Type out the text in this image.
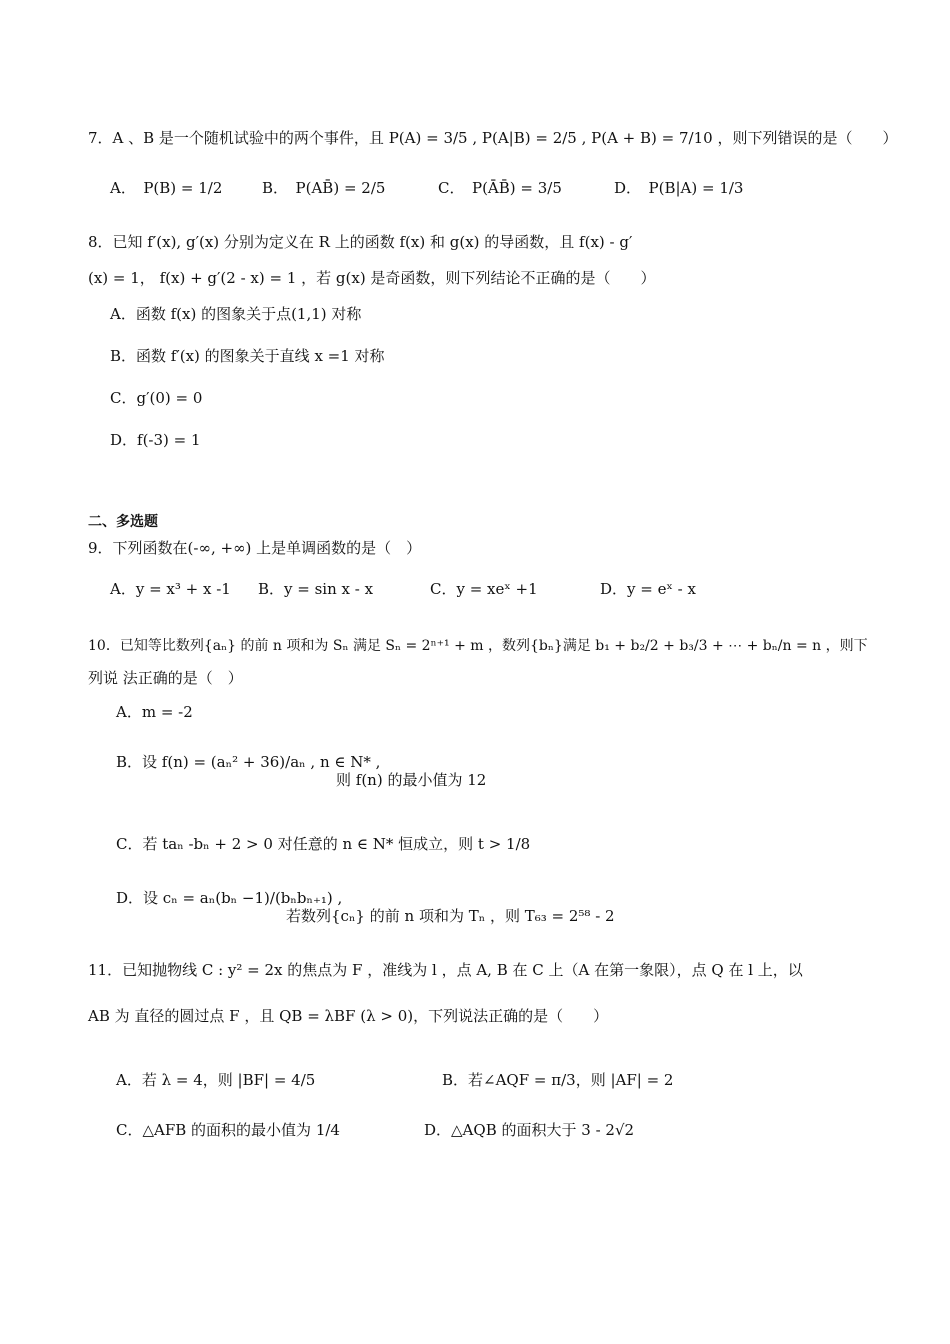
7．A 、B 是一个随机试验中的两个事件，且 P(A) = 3/5 , P(A|B) = 2/5 , P(A + B) = 7/10 ，则下列错误的是（　　）
A．　P(B) = 1/2	B．　P(AB̄) = 2/5	C．　P(ĀB̄) = 3/5	D．　P(B|A) = 1/3
8．已知 f′(x), g′(x) 分别为定义在 R 上的函数 f(x) 和 g(x) 的导函数，且 f(x) - g′
(x) = 1， f(x) + g′(2 - x) = 1 ，若 g(x) 是奇函数，则下列结论不正确的是（　　）
A．函数 f(x) 的图象关于点(1,1) 对称
B．函数 f′(x) 的图象关于直线 x =1 对称
C．g′(0) = 0
D．f(-3) = 1
二、多选题
9．下列函数在(-∞, +∞) 上是单调函数的是（　）
A．y = x³ + x -1 B．y = sin x - x	C．y = xeˣ +1	D．y = eˣ - x
10．已知等比数列{aₙ} 的前 n 项和为 Sₙ 满足 Sₙ = 2ⁿ⁺¹ + m ，数列{bₙ}满足 b₁ + b₂/2 + b₃/3 + ⋯ + bₙ/n = n ，则下
列说 法正确的是（　）
A．m = -2
B．设 f(n) = (aₙ² + 36)/aₙ , n ∈ N* ,
则 f(n) 的最小值为 12
C．若 taₙ -bₙ + 2 > 0 对任意的 n ∈ N* 恒成立，则 t > 1/8
D．设 cₙ = aₙ(bₙ −1)/(bₙbₙ₊₁) ,
若数列{cₙ} 的前 n 项和为 Tₙ ，则 T₆₃ = 2⁵⁸ - 2
11．已知抛物线 C : y² = 2x 的焦点为 F ，准线为 l ，点 A, B 在 C 上（A 在第一象限），点 Q 在 l 上，以
AB 为 直径的圆过点 F ，且 QB = λBF (λ > 0)，下列说法正确的是（　　）
A．若 λ = 4，则 |BF| = 4/5	B．若∠AQF = π/3，则 |AF| = 2
C．△AFB 的面积的最小值为 1/4	D．△AQB 的面积大于 3 - 2√2
